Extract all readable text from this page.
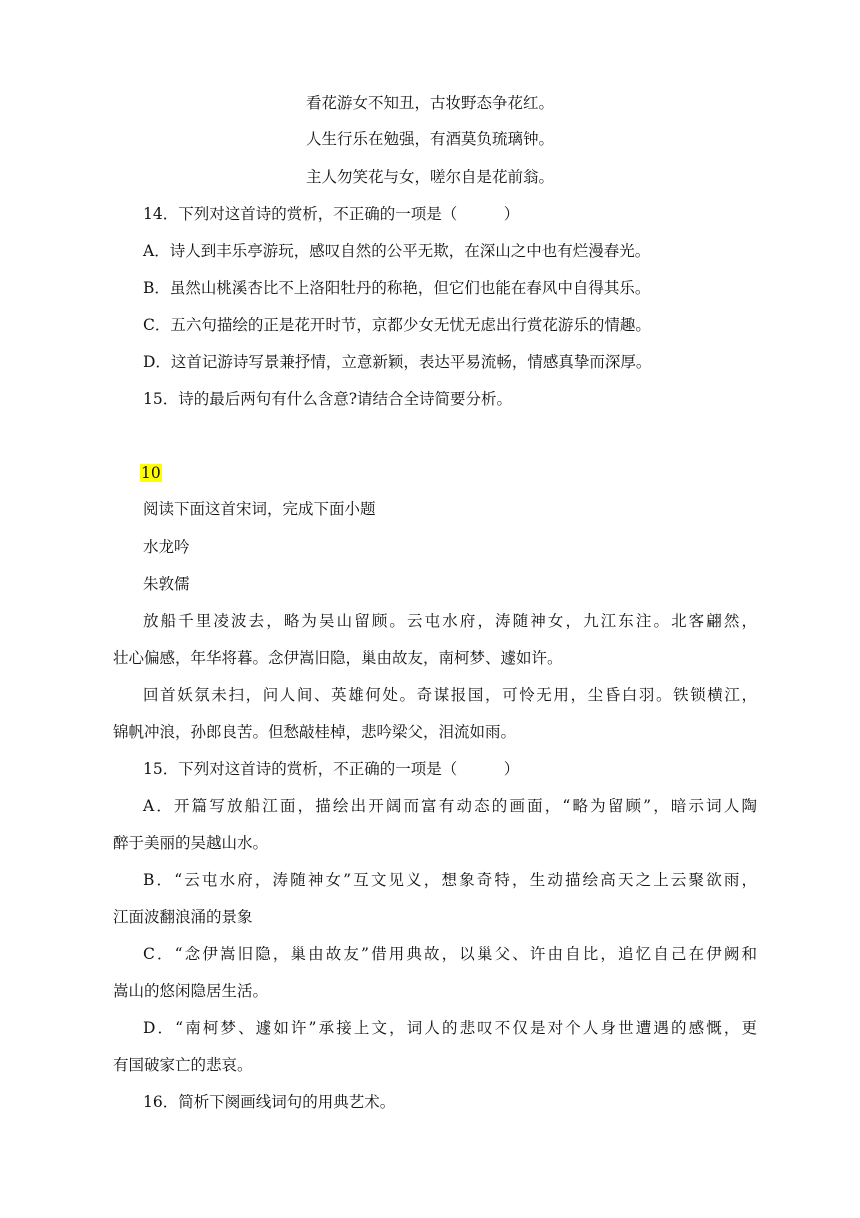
看花游女不知丑，古妆野态争花红。
人生行乐在勉强，有酒莫负琉璃钟。
主人勿笑花与女，嗟尔自是花前翁。
14．下列对这首诗的赏析，不正确的一项是（　　　）
A．诗人到丰乐亭游玩，感叹自然的公平无欺，在深山之中也有烂漫春光。
B．虽然山桃溪杏比不上洛阳牡丹的称艳，但它们也能在春风中自得其乐。
C．五六句描绘的正是花开时节，京都少女无忧无虑出行赏花游乐的情趣。
D．这首记游诗写景兼抒情，立意新颖，表达平易流畅，情感真挚而深厚。
15．诗的最后两句有什么含意?请结合全诗简要分析。
10
阅读下面这首宋词，完成下面小题
水龙吟
朱敦儒
放船千里凌波去，略为吴山留顾。云屯水府，涛随神女，九江东注。北客翩然，
壮心偏感，年华将暮。念伊嵩旧隐，巢由故友，南柯梦、遽如许。
回首妖氛未扫，问人间、英雄何处。奇谋报国，可怜无用，尘昏白羽。铁锁横江，
锦帆冲浪，孙郎良苦。但愁敲桂棹，悲吟梁父，泪流如雨。
15．下列对这首诗的赏析，不正确的一项是（　　　）
A．开篇写放船江面，描绘出开阔而富有动态的画面，“略为留顾”，暗示词人陶
醉于美丽的吴越山水。
B．“云屯水府，涛随神女”互文见义，想象奇特，生动描绘高天之上云聚欲雨，
江面波翻浪涌的景象
C．“念伊嵩旧隐，巢由故友”借用典故，以巢父、许由自比，追忆自己在伊阙和
嵩山的悠闲隐居生活。
D．“南柯梦、遽如许”承接上文，词人的悲叹不仅是对个人身世遭遇的感慨，更
有国破家亡的悲哀。
16．简析下阕画线词句的用典艺术。
